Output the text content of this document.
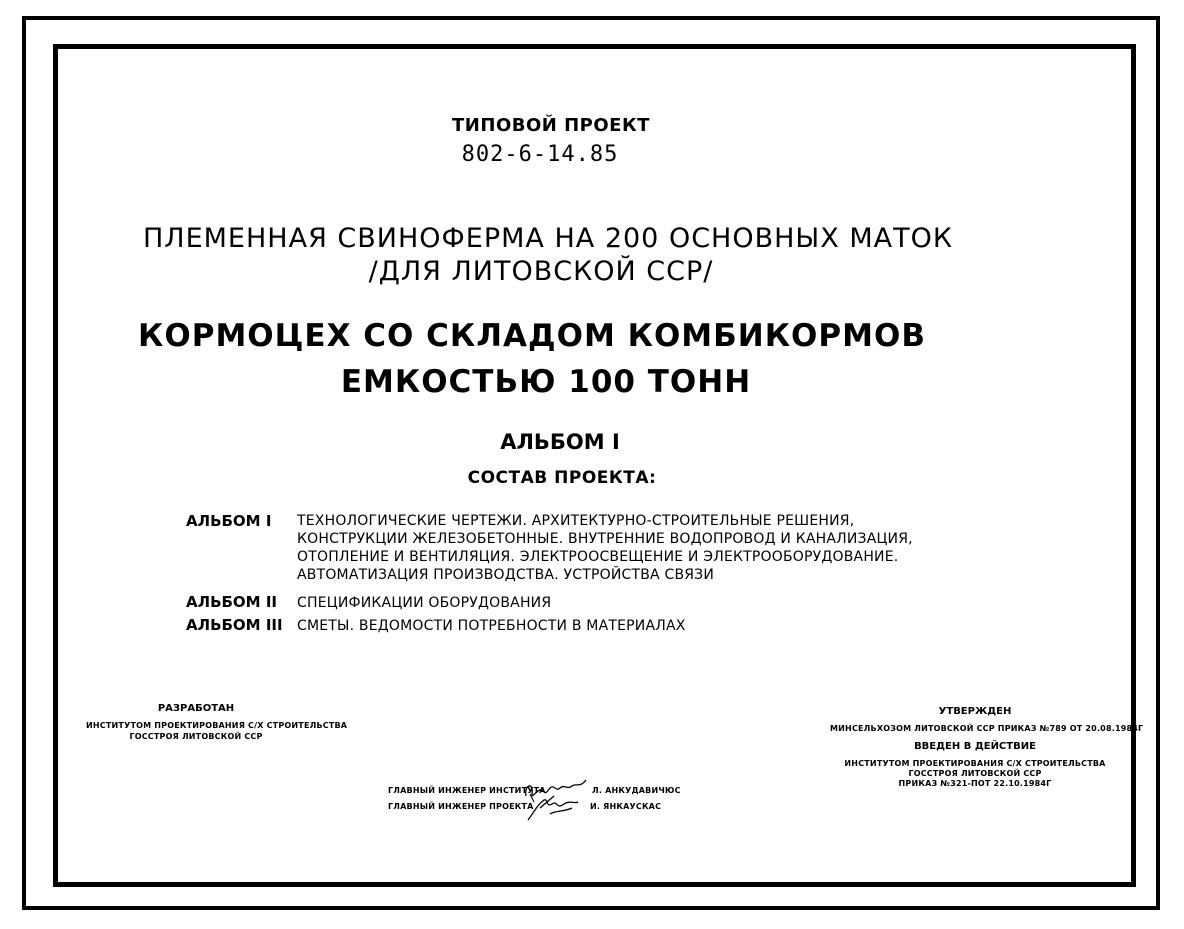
ТИПОВОЙ ПРОЕКТ
802-6-14.85
ПЛЕМЕННАЯ СВИНОФЕРМА НА 200 ОСНОВНЫХ МАТОК
/ДЛЯ ЛИТОВСКОЙ ССР/
КОРМОЦЕХ СО СКЛАДОМ КОМБИКОРМОВ
ЕМКОСТЬЮ 100 ТОНН
АЛЬБОМ I
СОСТАВ ПРОЕКТА:
АЛЬБОМ I ТЕХНОЛОГИЧЕСКИЕ ЧЕРТЕЖИ. АРХИТЕКТУРНО-СТРОИТЕЛЬНЫЕ РЕШЕНИЯ,
КОНСТРУКЦИИ ЖЕЛЕЗОБЕТОННЫЕ. ВНУТРЕННИЕ ВОДОПРОВОД И КАНАЛИЗАЦИЯ,
ОТОПЛЕНИЕ И ВЕНТИЛЯЦИЯ. ЭЛЕКТРООСВЕЩЕНИЕ И ЭЛЕКТРООБОРУДОВАНИЕ.
АВТОМАТИЗАЦИЯ ПРОИЗВОДСТВА. УСТРОЙСТВА СВЯЗИ
АЛЬБОМ II СПЕЦИФИКАЦИИ ОБОРУДОВАНИЯ
АЛЬБОМ III СМЕТЫ. ВЕДОМОСТИ ПОТРЕБНОСТИ В МАТЕРИАЛАХ
РАЗРАБОТАН
ИНСТИТУТОМ ПРОЕКТИРОВАНИЯ С/Х СТРОИТЕЛЬСТВА
ГОССТРОЯ ЛИТОВСКОЙ ССР
УТВЕРЖДЕН
МИНСЕЛЬХОЗОМ ЛИТОВСКОЙ ССР ПРИКАЗ №789 ОТ 20.08.1984Г
ВВЕДЕН В ДЕЙСТВИЕ
ИНСТИТУТОМ ПРОЕКТИРОВАНИЯ С/Х СТРОИТЕЛЬСТВА
ГОССТРОЯ ЛИТОВСКОЙ ССР
ПРИКАЗ №321-ПОТ 22.10.1984Г
ГЛАВНЫЙ ИНЖЕНЕР ИНСТИТУТА	Л. АНКУДАВИЧЮС
ГЛАВНЫЙ ИНЖЕНЕР ПРОЕКТА	И. ЯНКАУСКАС
